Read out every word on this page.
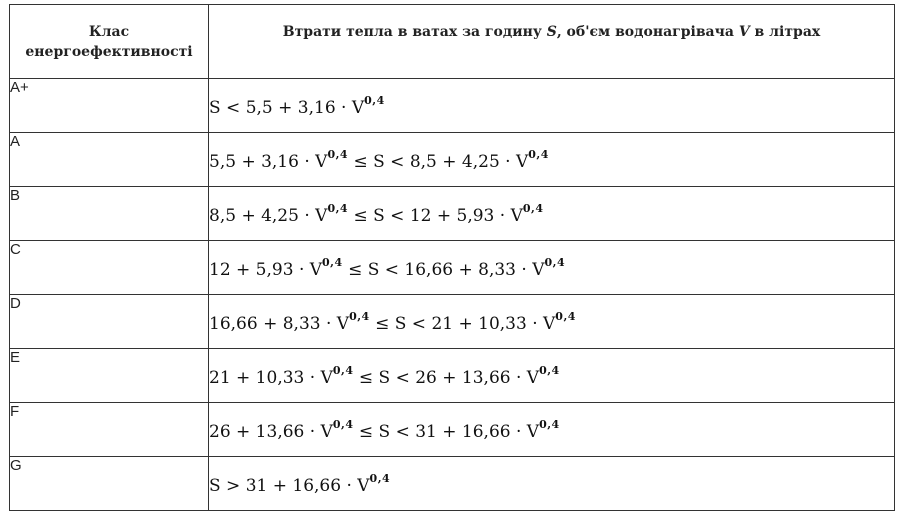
Клас
енергоефективності	Втрати тепла в ватах за годину S, об'єм водонагрівача V в літрах
A+	S < 5,5 + 3,16 · V$^{0,4}$
A	5,5 + 3,16 · V$^{0,4}$ ≤ S < 8,5 + 4,25 · V$^{0,4}$
B	8,5 + 4,25 · V$^{0,4}$ ≤ S < 12 + 5,93 · V$^{0,4}$
C	12 + 5,93 · V$^{0,4}$ ≤ S < 16,66 + 8,33 · V$^{0,4}$
D	16,66 + 8,33 · V$^{0,4}$ ≤ S < 21 + 10,33 · V$^{0,4}$
E	21 + 10,33 · V$^{0,4}$ ≤ S < 26 + 13,66 · V$^{0,4}$
F	26 + 13,66 · V$^{0,4}$ ≤ S < 31 + 16,66 · V$^{0,4}$
G	S > 31 + 16,66 · V$^{0,4}$
